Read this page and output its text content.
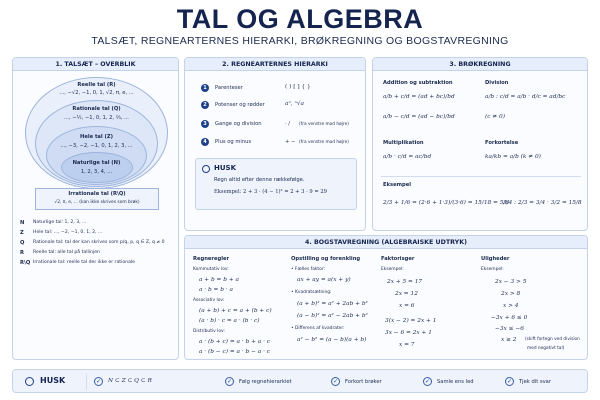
TAL OG ALGEBRA
TALSÆT, REGNEARTERNES HIERARKI, BRØKREGNING OG BOGSTAVREGNING
1. TALSÆT – OVERBLIK
Reelle tal (R)
..., −√2, −1, 0, 1, √2, π, e, ...
Rationale tal (Q)
..., −½, −1, 0, 1, 2, ⅔, ...
Hele tal (Z)
..., −3, −2, −1, 0, 1, 2, 3, ...
Naturlige tal (N)
1, 2, 3, 4, ...
Irrationale tal (R\Q)
√2, π, e, ... (kan ikke skrives som brøk)
N Naturlige tal: 1, 2, 3, ...
Z Hele tal: ..., −2, −1, 0, 1, 2, ...
Q Rationale tal: tal der kan skrives som p/q, p, q ∈ Z, q ≠ 0
R Reelle tal: alle tal på tallinjen
R\Q Irrationale tal: reelle tal der ikke er rationale
2. REGNEARTERNES HIERARKI
1	Parenteser	( ) [ ] { }
2	Potenser og rødder	aⁿ, ⁿ√a
3	Gange og division	· / (fra venstre mod højre)
4	Plus og minus	+ − (fra venstre mod højre)
HUSK
Regn altid efter denne rækkefølge.
Eksempel: 2 + 3 · (4 − 1)² = 2 + 3 · 9 = 29
3. BRØKREGNING
Addition og subtraktion
a/b + c/d = (ad + bc)/bd
a/b − c/d = (ad − bc)/bd
Division
a/b : c/d = a/b · d/c = ad/bc
(c ≠ 0)
Multiplikation
a/b · c/d = ac/bd
Forkortelse
ka/kb = a/b (k ≠ 0)
Eksempel
2/3 + 1/6 = (2·6 + 1·3)/(3·6) = 15/18 = 5/6
3/4 : 2/3 = 3/4 · 3/2 = 15/8
4. BOGSTAVREGNING (ALGEBRAISKE UDTRYK)
Regneregler
Kommutativ lov:
a + b = b + a
a · b = b · a
Associativ lov:
(a + b) + c = a + (b + c)
(a · b) · c = a · (b · c)
Distributiv lov:
a · (b + c) = a · b + a · c
a · (b − c) = a · b − a · c
Opstilling og forenkling
• Fælles faktor:
ax + ay = a(x + y)
• Kvadratsætning:
(a + b)² = a² + 2ab + b²
(a − b)² = a² − 2ab + b²
• Differens af kvadrater:
a² − b² = (a − b)(a + b)
Faktorisger
Eksempel:
2x + 5 = 17
2x = 12
x = 6
3(x − 2) = 2x + 1
3x − 6 = 2x + 1
x = 7
Uligheder
Eksempel:
2x − 3 > 5
2x > 8
x > 4
−3x + 6 ≤ 0
−3x ≤ −6
x ≥ 2 (skift fortegn ved division
med negativt tal)
HUSK	✓	N ⊂ Z ⊂ Q ⊂ R	✓	Følg regnehierarkiet	✓	Forkort brøker	✓	Samle ens led	✓	Tjek dit svar
